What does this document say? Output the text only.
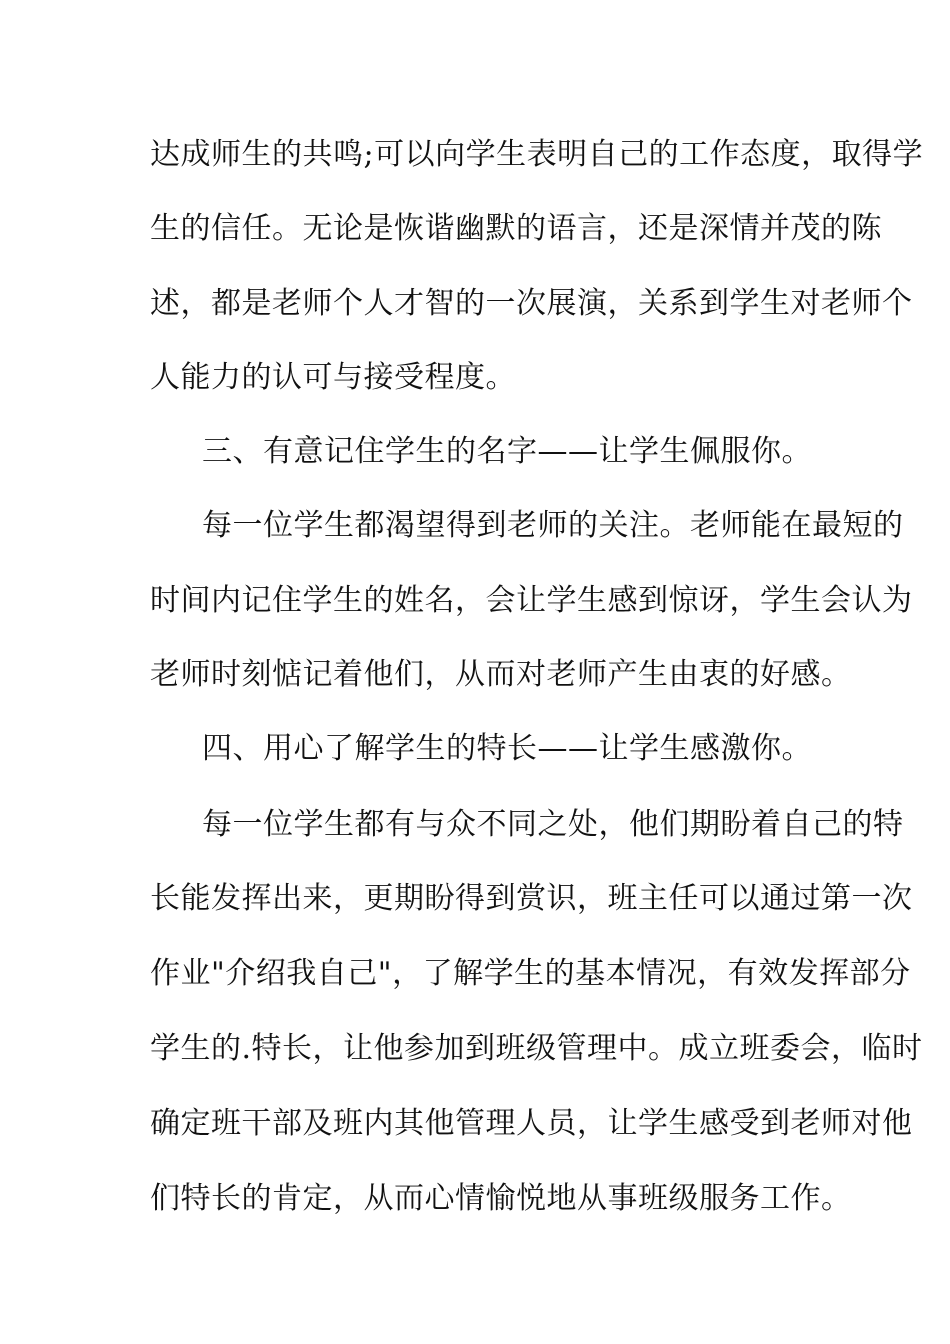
达成师生的共鸣;可以向学生表明自己的工作态度，取得学

生的信任。无论是恢谐幽默的语言，还是深情并茂的陈

述，都是老师个人才智的一次展演，关系到学生对老师个

人能力的认可与接受程度。

三、有意记住学生的名字——让学生佩服你。

每一位学生都渴望得到老师的关注。老师能在最短的

时间内记住学生的姓名，会让学生感到惊讶，学生会认为

老师时刻惦记着他们，从而对老师产生由衷的好感。

四、用心了解学生的特长——让学生感激你。

每一位学生都有与众不同之处，他们期盼着自己的特

长能发挥出来，更期盼得到赏识，班主任可以通过第一次

作业"介绍我自己"，了解学生的基本情况，有效发挥部分

学生的.特长，让他参加到班级管理中。成立班委会，临时

确定班干部及班内其他管理人员，让学生感受到老师对他

们特长的肯定，从而心情愉悦地从事班级服务工作。
